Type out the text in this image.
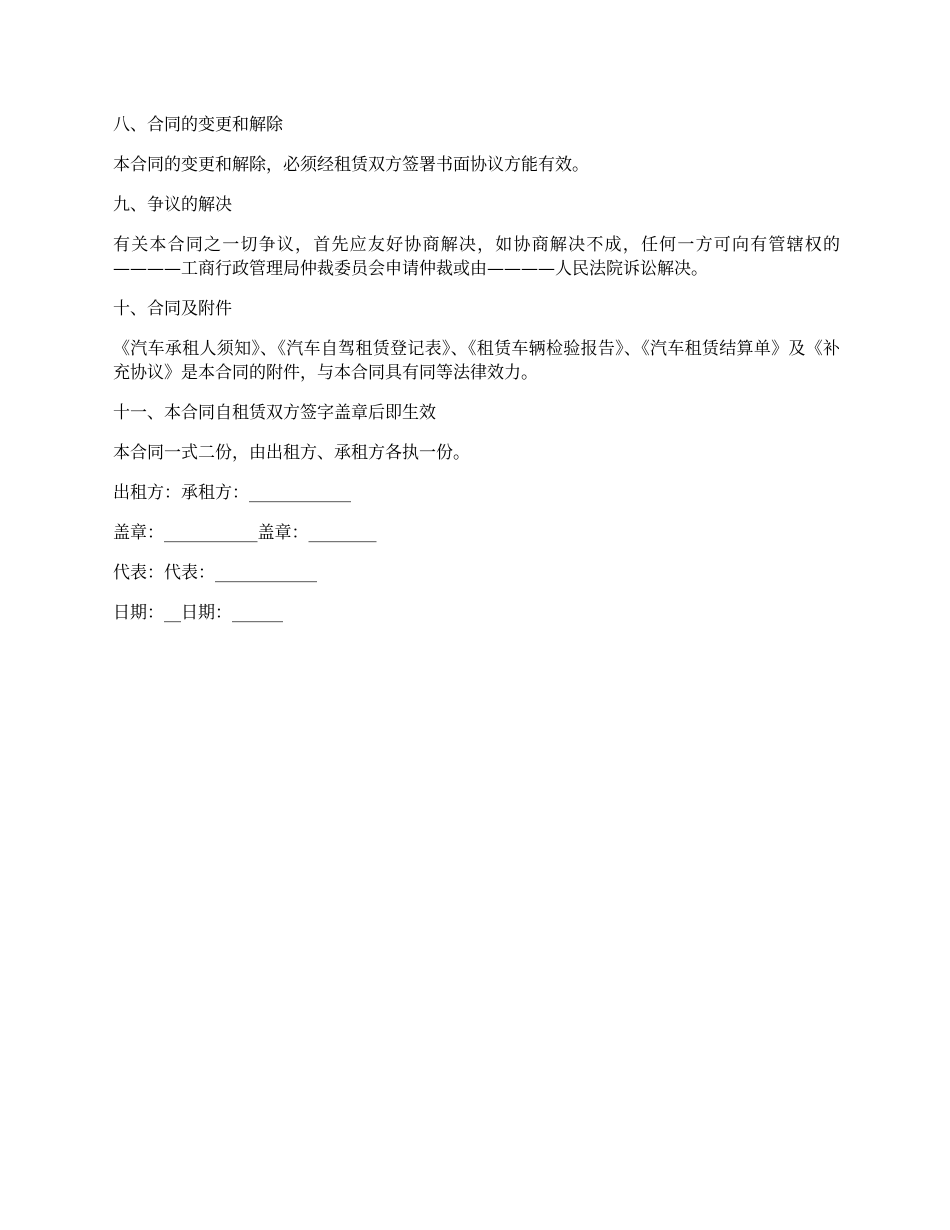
八、合同的变更和解除

本合同的变更和解除，必须经租赁双方签署书面协议方能有效。

九、争议的解决

有关本合同之一切争议，首先应友好协商解决，如协商解决不成，任何一方可向有管辖权的————工商行政管理局仲裁委员会申请仲裁或由————人民法院诉讼解决。

十、合同及附件

《汽车承租人须知》、《汽车自驾租赁登记表》、《租赁车辆检验报告》、《汽车租赁结算单》及《补充协议》是本合同的附件，与本合同具有同等法律效力。

十一、本合同自租赁双方签字盖章后即生效

本合同一式二份，由出租方、承租方各执一份。

出租方：承租方：____________

盖章：___________盖章：________

代表：代表：____________

日期：__日期：______
